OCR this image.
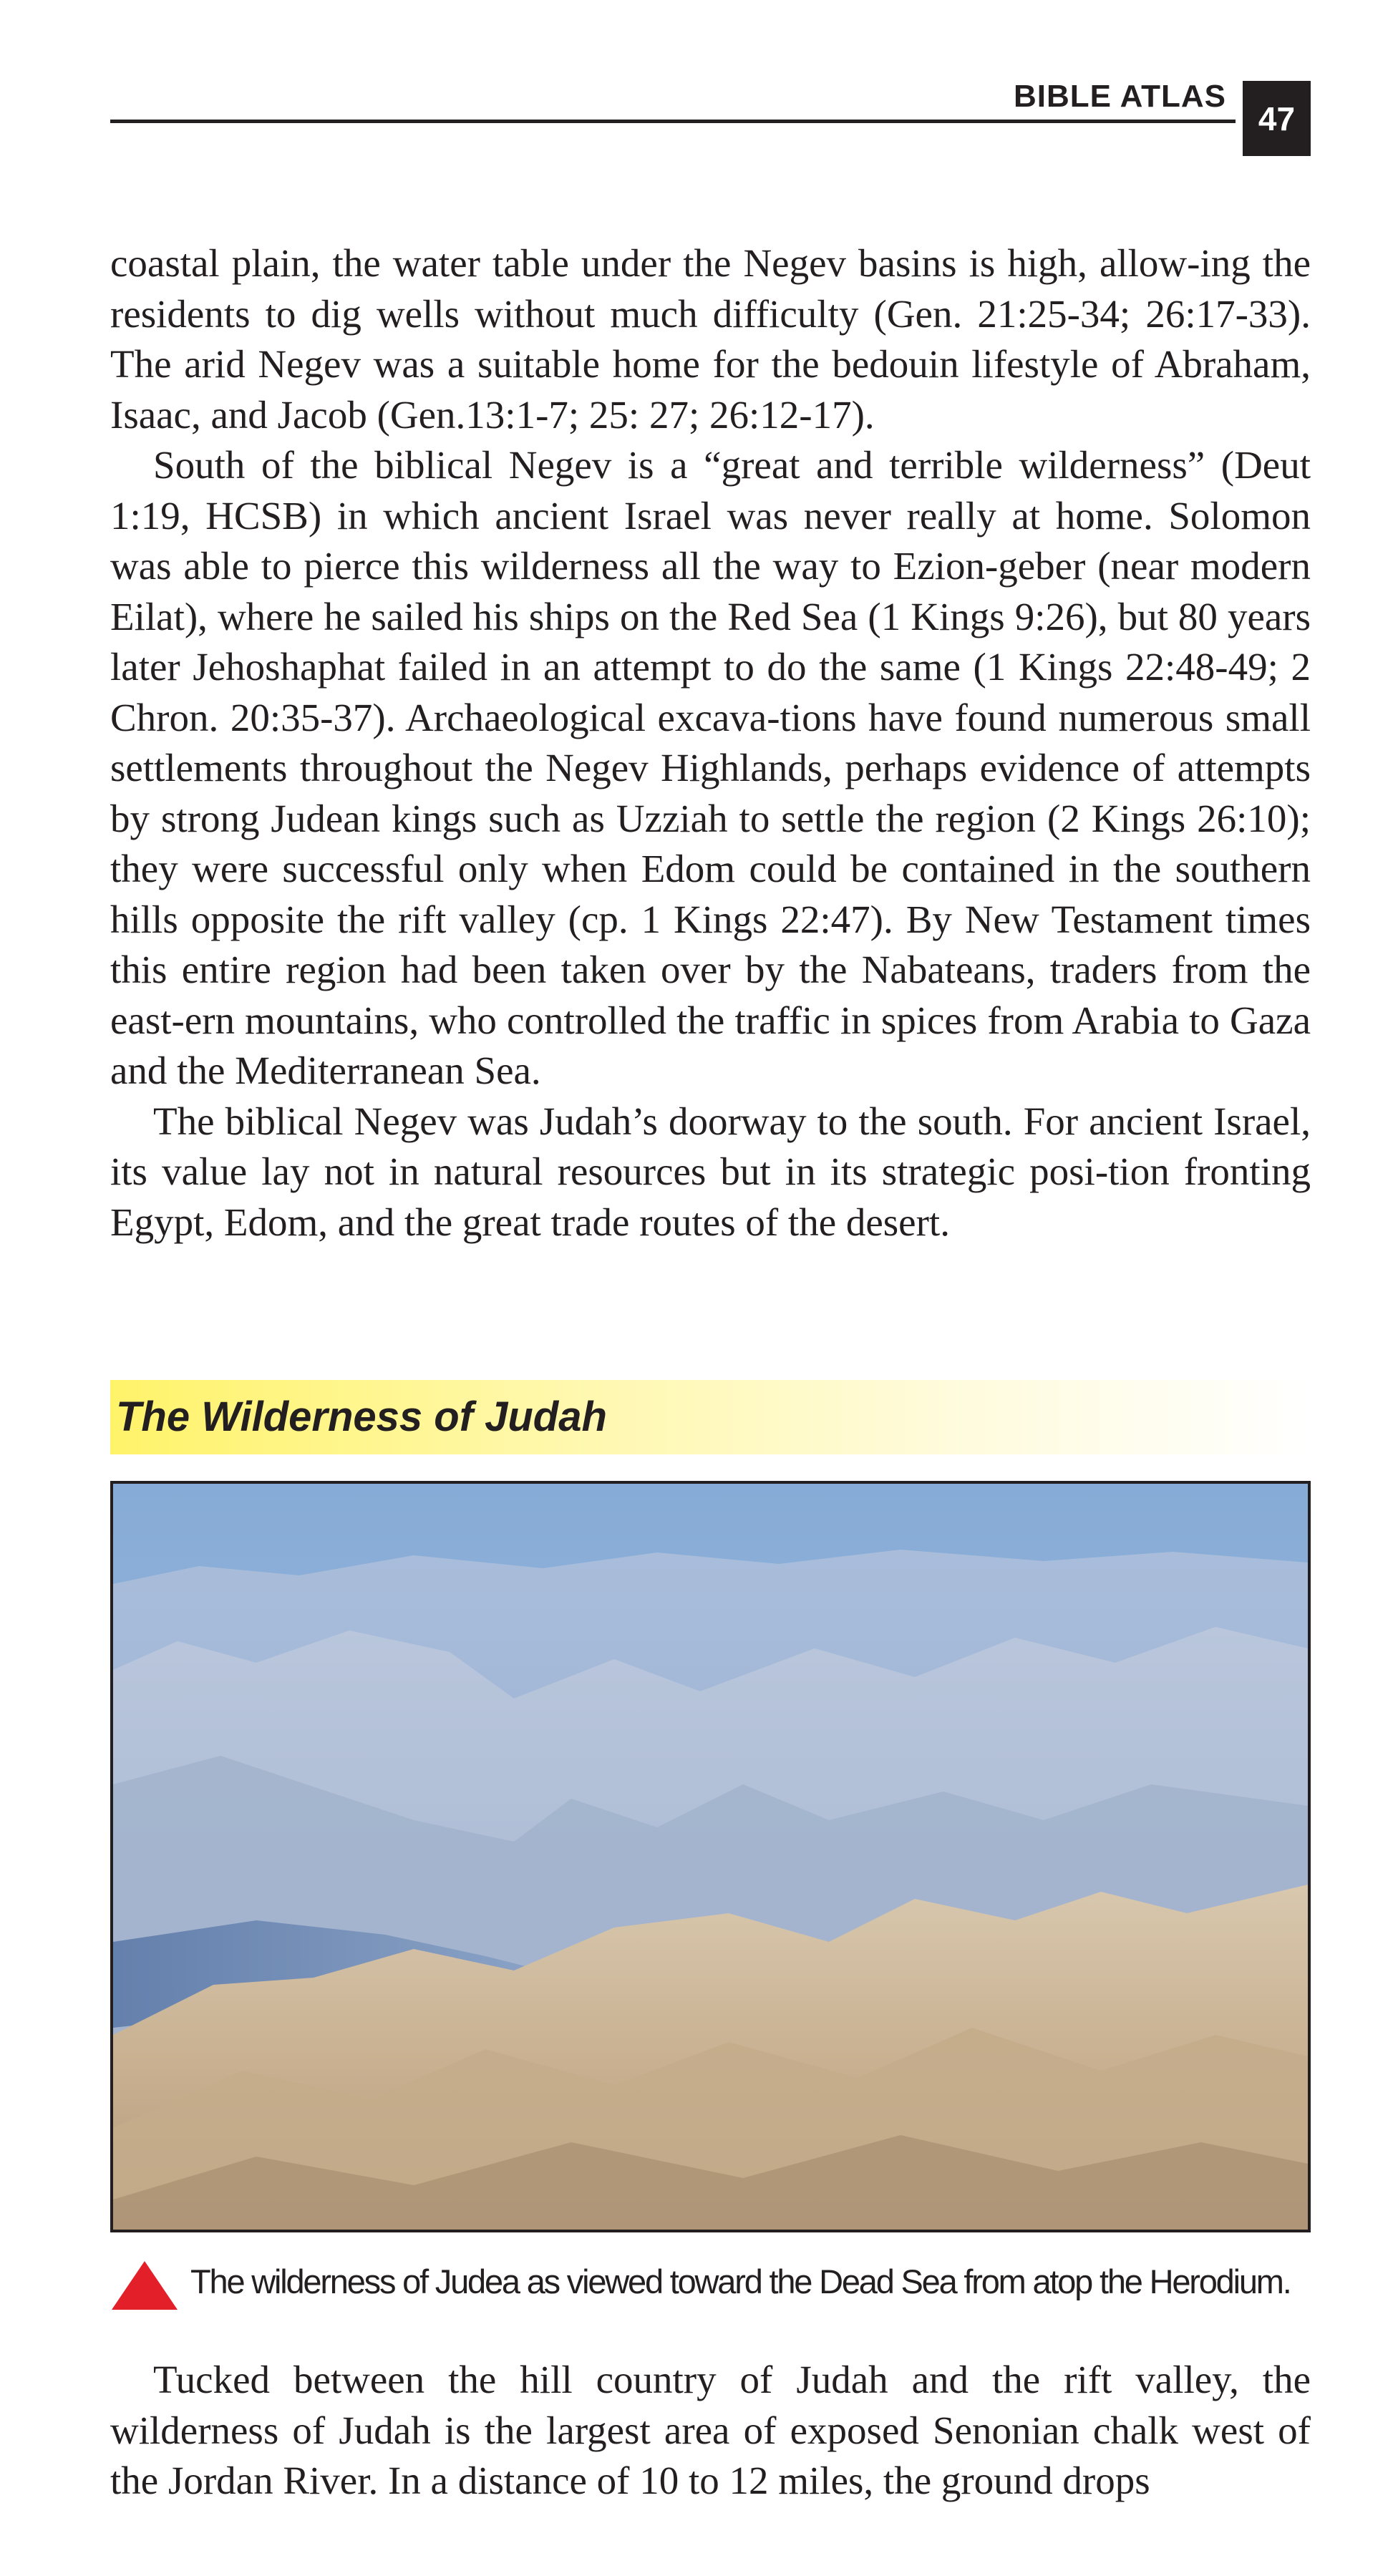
BIBLE ATLAS
47

coastal plain, the water table under the Negev basins is high, allow-ing the residents to dig wells without much difficulty (Gen. 21:25-34; 26:17-33). The arid Negev was a suitable home for the bedouin lifestyle of Abraham, Isaac, and Jacob (Gen.13:1-7; 25: 27; 26:12-17).

South of the biblical Negev is a “great and terrible wilderness” (Deut 1:19, HCSB) in which ancient Israel was never really at home. Solomon was able to pierce this wilderness all the way to Ezion-geber (near modern Eilat), where he sailed his ships on the Red Sea (1 Kings 9:26), but 80 years later Jehoshaphat failed in an attempt to do the same (1 Kings 22:48-49; 2 Chron. 20:35-37). Archaeological excava-tions have found numerous small settlements throughout the Negev Highlands, perhaps evidence of attempts by strong Judean kings such as Uzziah to settle the region (2 Kings 26:10); they were successful only when Edom could be contained in the southern hills opposite the rift valley (cp. 1 Kings 22:47). By New Testament times this entire region had been taken over by the Nabateans, traders from the east-ern mountains, who controlled the traffic in spices from Arabia to Gaza and the Mediterranean Sea.

The biblical Negev was Judah’s doorway to the south. For ancient Israel, its value lay not in natural resources but in its strategic posi-tion fronting Egypt, Edom, and the great trade routes of the desert.

The Wilderness of Judah
The wilderness of Judea as viewed toward the Dead Sea from atop the Herodium.

Tucked between the hill country of Judah and the rift valley, the wilderness of Judah is the largest area of exposed Senonian chalk west of the Jordan River. In a distance of 10 to 12 miles, the ground drops
